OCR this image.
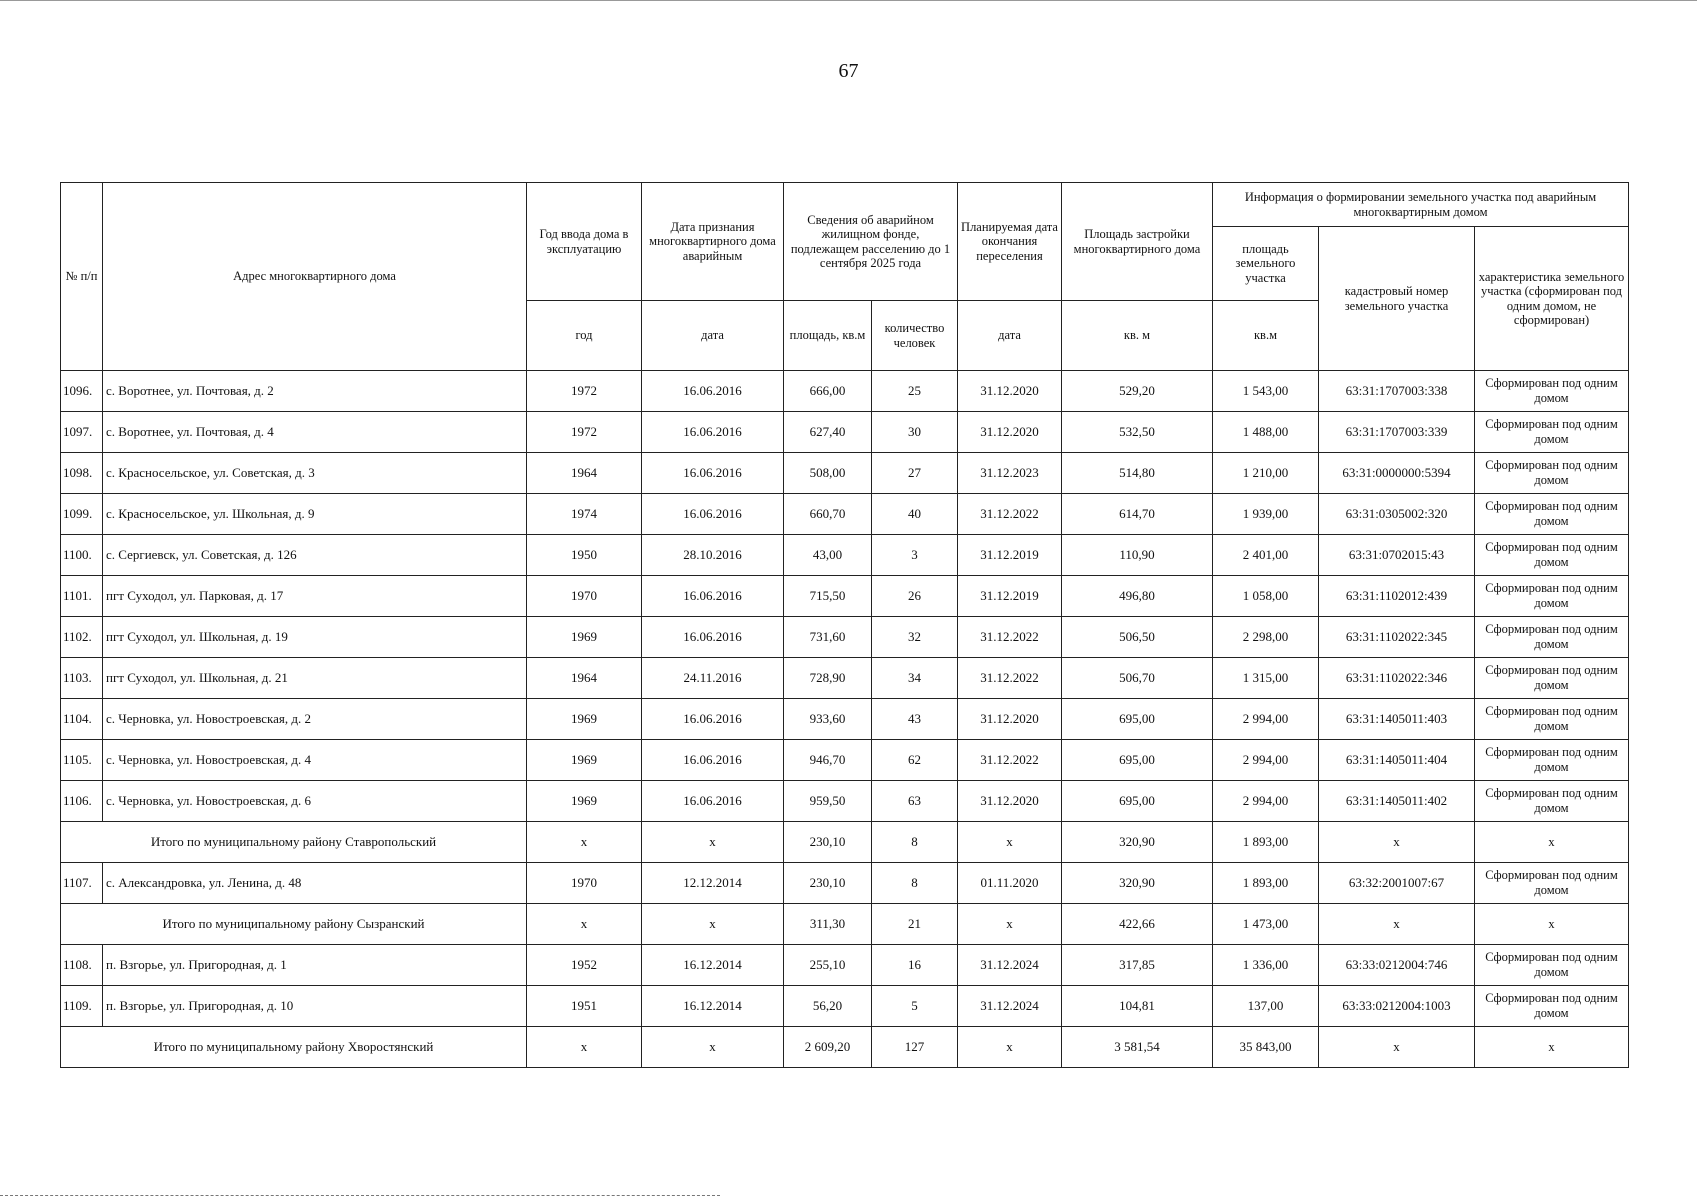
67
№ п/п	Адрес многоквартирного дома	Год ввода дома в эксплуатацию	Дата признания многоквартирного дома аварийным	Сведения об аварийном жилищном фонде, подлежащем расселению до 1 сентября 2025 года		Планируемая дата окончания переселения	Площадь застройки многоквартирного дома	Информация о формировании земельного участка под аварийным многоквартирным домом		
								площадь земельного участка	кадастровый номер земельного участка	характеристика земельного участка (сформирован под одним домом, не сформирован)
		год	дата	площадь, кв.м	количество человек	дата	кв. м	кв.м		
1096.	с. Воротнее, ул. Почтовая, д. 2	1972	16.06.2016	666,00	25	31.12.2020	529,20	1 543,00	63:31:1707003:338	Сформирован под одним домом
1097.	с. Воротнее, ул. Почтовая, д. 4	1972	16.06.2016	627,40	30	31.12.2020	532,50	1 488,00	63:31:1707003:339	Сформирован под одним домом
1098.	с. Красносельское, ул. Советская, д. 3	1964	16.06.2016	508,00	27	31.12.2023	514,80	1 210,00	63:31:0000000:5394	Сформирован под одним домом
1099.	с. Красносельское, ул. Школьная, д. 9	1974	16.06.2016	660,70	40	31.12.2022	614,70	1 939,00	63:31:0305002:320	Сформирован под одним домом
1100.	с. Сергиевск, ул. Советская, д. 126	1950	28.10.2016	43,00	3	31.12.2019	110,90	2 401,00	63:31:0702015:43	Сформирован под одним домом
1101.	пгт Суходол, ул. Парковая, д. 17	1970	16.06.2016	715,50	26	31.12.2019	496,80	1 058,00	63:31:1102012:439	Сформирован под одним домом
1102.	пгт Суходол, ул. Школьная, д. 19	1969	16.06.2016	731,60	32	31.12.2022	506,50	2 298,00	63:31:1102022:345	Сформирован под одним домом
1103.	пгт Суходол, ул. Школьная, д. 21	1964	24.11.2016	728,90	34	31.12.2022	506,70	1 315,00	63:31:1102022:346	Сформирован под одним домом
1104.	с. Черновка, ул. Новостроевская, д. 2	1969	16.06.2016	933,60	43	31.12.2020	695,00	2 994,00	63:31:1405011:403	Сформирован под одним домом
1105.	с. Черновка, ул. Новостроевская, д. 4	1969	16.06.2016	946,70	62	31.12.2022	695,00	2 994,00	63:31:1405011:404	Сформирован под одним домом
1106.	с. Черновка, ул. Новостроевская, д. 6	1969	16.06.2016	959,50	63	31.12.2020	695,00	2 994,00	63:31:1405011:402	Сформирован под одним домом
Итого по муниципальному району Ставропольский		x	x	230,10	8	x	320,90	1 893,00	x	x
1107.	с. Александровка, ул. Ленина, д. 48	1970	12.12.2014	230,10	8	01.11.2020	320,90	1 893,00	63:32:2001007:67	Сформирован под одним домом
Итого по муниципальному району Сызранский		x	x	311,30	21	x	422,66	1 473,00	x	x
1108.	п. Взгорье, ул. Пригородная, д. 1	1952	16.12.2014	255,10	16	31.12.2024	317,85	1 336,00	63:33:0212004:746	Сформирован под одним домом
1109.	п. Взгорье, ул. Пригородная, д. 10	1951	16.12.2014	56,20	5	31.12.2024	104,81	137,00	63:33:0212004:1003	Сформирован под одним домом
Итого по муниципальному району Хворостянский		x	x	2 609,20	127	x	3 581,54	35 843,00	x	x
